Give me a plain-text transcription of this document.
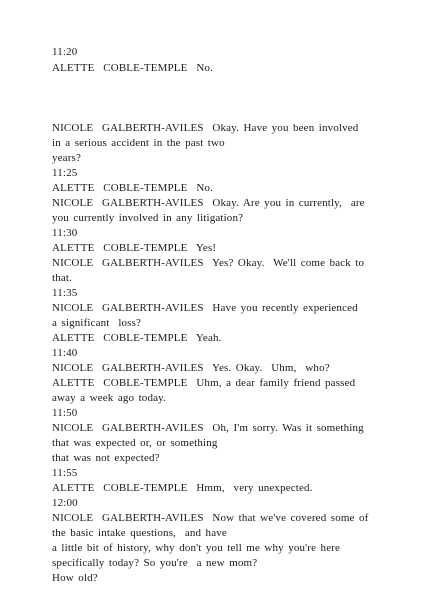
11:20
ALETTE  COBLE-TEMPLE  No.
NICOLE  GALBERTH-AVILES  Okay. Have you been involved
in a serious accident in the past two
years?
11:25
ALETTE  COBLE-TEMPLE  No.
NICOLE  GALBERTH-AVILES  Okay. Are you in currently,  are
you currently involved in any litigation?
11:30
ALETTE  COBLE-TEMPLE  Yes!
NICOLE  GALBERTH-AVILES  Yes? Okay.  We'll come back to
that.
11:35
NICOLE  GALBERTH-AVILES  Have you recently experienced
a significant  loss?
ALETTE  COBLE-TEMPLE  Yeah.
11:40
NICOLE  GALBERTH-AVILES  Yes. Okay.  Uhm,  who?
ALETTE  COBLE-TEMPLE  Uhm, a dear family friend passed
away a week ago today.
11:50
NICOLE  GALBERTH-AVILES  Oh, I'm sorry. Was it something
that was expected or, or something
that was not expected?
11:55
ALETTE  COBLE-TEMPLE  Hmm,  very unexpected.
12:00
NICOLE  GALBERTH-AVILES  Now that we've covered some of
the basic intake questions,  and have
a little bit of history, why don't you tell me why you're here
specifically today? So you're  a new mom?
How old?
